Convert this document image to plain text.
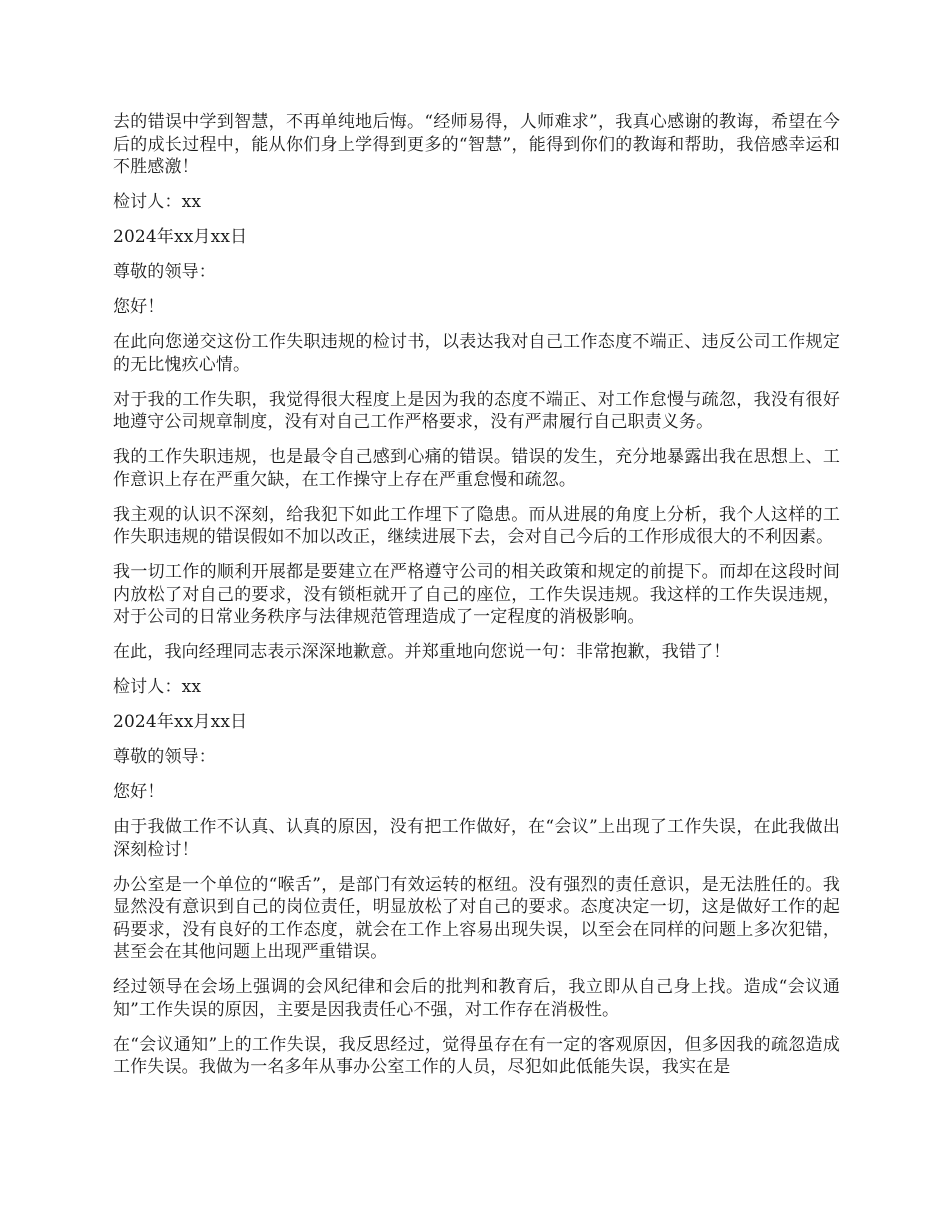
去的错误中学到智慧，不再单纯地后悔。“经师易得，人师难求”，我真心感谢的教诲，希望在今后的成长过程中，能从你们身上学得到更多的“智慧”，能得到你们的教诲和帮助，我倍感幸运和不胜感激！

检讨人：xx

2024年xx月xx日

尊敬的领导：

您好！

在此向您递交这份工作失职违规的检讨书，以表达我对自己工作态度不端正、违反公司工作规定的无比愧疚心情。

对于我的工作失职，我觉得很大程度上是因为我的态度不端正、对工作怠慢与疏忽，我没有很好地遵守公司规章制度，没有对自己工作严格要求，没有严肃履行自己职责义务。

我的工作失职违规，也是最令自己感到心痛的错误。错误的发生，充分地暴露出我在思想上、工作意识上存在严重欠缺，在工作操守上存在严重怠慢和疏忽。

我主观的认识不深刻，给我犯下如此工作埋下了隐患。而从进展的角度上分析，我个人这样的工作失职违规的错误假如不加以改正，继续进展下去，会对自己今后的工作形成很大的不利因素。

我一切工作的顺利开展都是要建立在严格遵守公司的相关政策和规定的前提下。而却在这段时间内放松了对自己的要求，没有锁柜就开了自己的座位，工作失误违规。我这样的工作失误违规，对于公司的日常业务秩序与法律规范管理造成了一定程度的消极影响。

在此，我向经理同志表示深深地歉意。并郑重地向您说一句：非常抱歉，我错了！

检讨人：xx

2024年xx月xx日

尊敬的领导：

您好！

由于我做工作不认真、认真的原因，没有把工作做好，在“会议”上出现了工作失误，在此我做出深刻检讨！

办公室是一个单位的“喉舌”，是部门有效运转的枢纽。没有强烈的责任意识，是无法胜任的。我显然没有意识到自己的岗位责任，明显放松了对自己的要求。态度决定一切，这是做好工作的起码要求，没有良好的工作态度，就会在工作上容易出现失误，以至会在同样的问题上多次犯错，甚至会在其他问题上出现严重错误。

经过领导在会场上强调的会风纪律和会后的批判和教育后，我立即从自己身上找。造成“会议通知”工作失误的原因，主要是因我责任心不强，对工作存在消极性。

在“会议通知”上的工作失误，我反思经过，觉得虽存在有一定的客观原因，但多因我的疏忽造成工作失误。我做为一名多年从事办公室工作的人员，尽犯如此低能失误，我实在是
